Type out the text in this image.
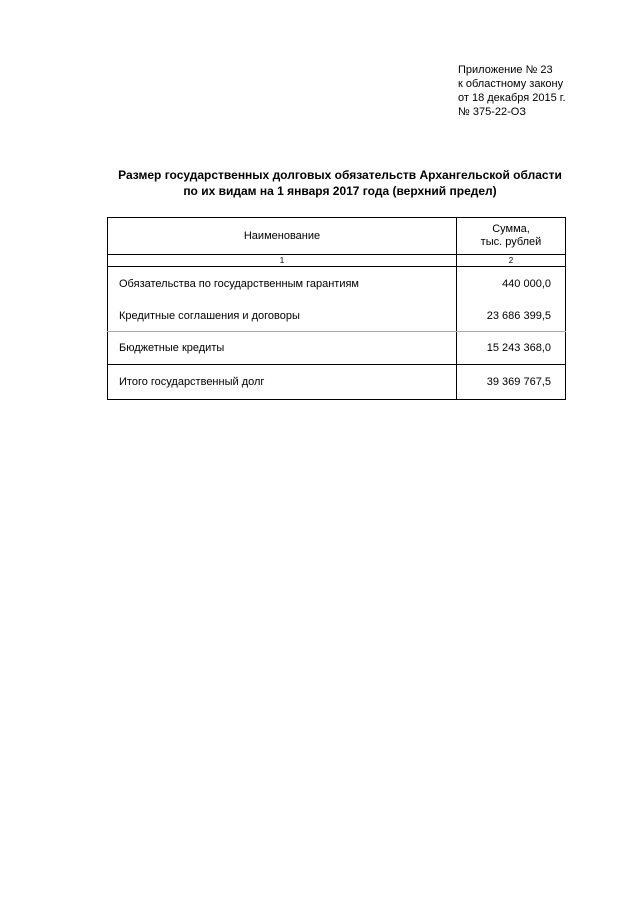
Приложение № 23
к областному закону
от 18 декабря 2015 г.
№ 375-22-ОЗ
Размер государственных долговых обязательств Архангельской области
по их видам на 1 января 2017 года (верхний предел)
Наименование	Сумма,
тыс. рублей

1	2
Обязательства по государственным гарантиям	440 000,0
Кредитные соглашения и договоры	23 686 399,5
Бюджетные кредиты	15 243 368,0
Итого государственный долг	39 369 767,5
